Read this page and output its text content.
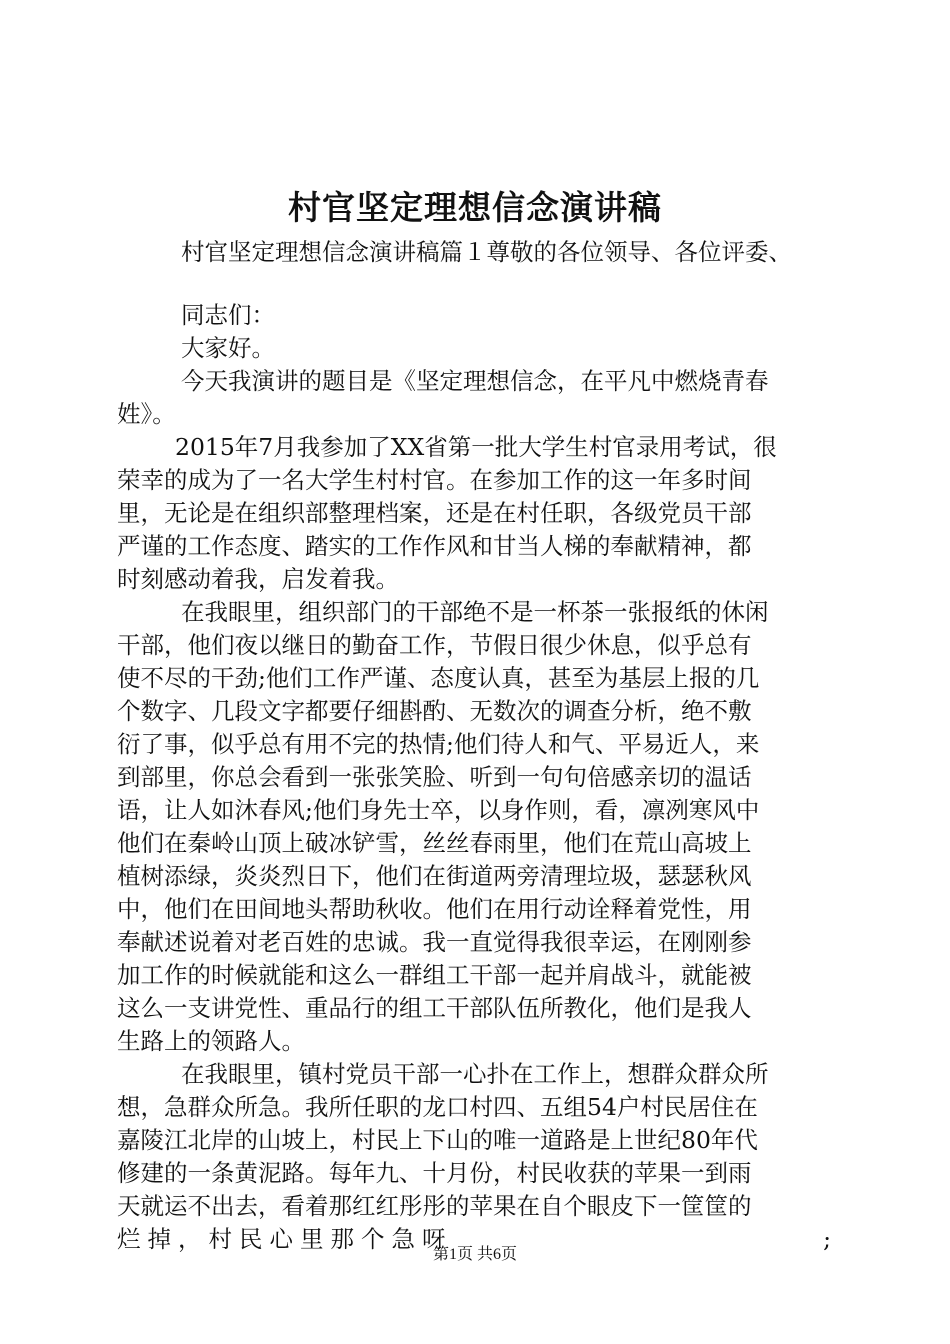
村官坚定理想信念演讲稿
村官坚定理想信念演讲稿篇１尊敬的各位领导、各位评委、
同志们：
大家好。
今天我演讲的题目是《坚定理想信念，在平凡中燃烧青春
姓》。
2015年7月我参加了XX省第一批大学生村官录用考试，很
荣幸的成为了一名大学生村村官。在参加工作的这一年多时间
里，无论是在组织部整理档案，还是在村任职，各级党员干部
严谨的工作态度、踏实的工作作风和甘当人梯的奉献精神，都
时刻感动着我，启发着我。
在我眼里，组织部门的干部绝不是一杯茶一张报纸的休闲
干部，他们夜以继日的勤奋工作，节假日很少休息，似乎总有
使不尽的干劲;他们工作严谨、态度认真，甚至为基层上报的几
个数字、几段文字都要仔细斟酌、无数次的调查分析，绝不敷
衍了事，似乎总有用不完的热情;他们待人和气、平易近人，来
到部里，你总会看到一张张笑脸、听到一句句倍感亲切的温话
语，让人如沐春风;他们身先士卒，以身作则，看，凛冽寒风中
他们在秦岭山顶上破冰铲雪，丝丝春雨里，他们在荒山高坡上
植树添绿，炎炎烈日下，他们在街道两旁清理垃圾，瑟瑟秋风
中，他们在田间地头帮助秋收。他们在用行动诠释着党性，用
奉献述说着对老百姓的忠诚。我一直觉得我很幸运，在刚刚参
加工作的时候就能和这么一群组工干部一起并肩战斗，就能被
这么一支讲党性、重品行的组工干部队伍所教化，他们是我人
生路上的领路人。
在我眼里，镇村党员干部一心扑在工作上，想群众群众所
想，急群众所急。我所任职的龙口村四、五组54户村民居住在
嘉陵江北岸的山坡上，村民上下山的唯一道路是上世纪80年代
修建的一条黄泥路。每年九、十月份，村民收获的苹果一到雨
天就运不出去，看着那红红彤彤的苹果在自个眼皮下一筐筐的
烂掉，村民心里那个急呀	;
第1页 共6页
